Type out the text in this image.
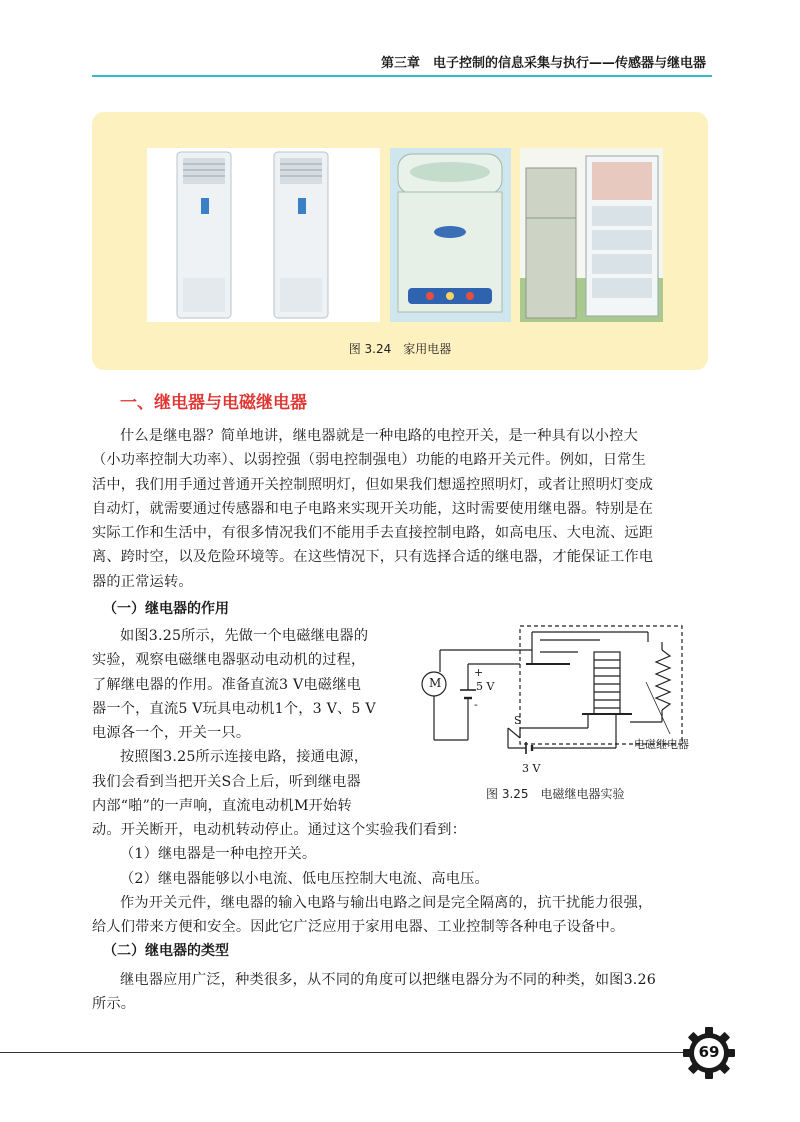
第三章　电子控制的信息采集与执行——传感器与继电器
图 3.24　家用电器
一、继电器与电磁继电器
什么是继电器？简单地讲，继电器就是一种电路的电控开关，是一种具有以小控大
（小功率控制大功率）、以弱控强（弱电控制强电）功能的电路开关元件。例如，日常生
活中，我们用手通过普通开关控制照明灯，但如果我们想遥控照明灯，或者让照明灯变成
自动灯，就需要通过传感器和电子电路来实现开关功能，这时需要使用继电器。特别是在
实际工作和生活中，有很多情况我们不能用手去直接控制电路，如高电压、大电流、远距
离、跨时空，以及危险环境等。在这些情况下，只有选择合适的继电器，才能保证工作电
器的正常运转。
（一）继电器的作用
如图3.25所示，先做一个电磁继电器的
实验，观察电磁继电器驱动电动机的过程，
了解继电器的作用。准备直流3 V电磁继电
器一个，直流5 V玩具电动机1个，3 V、5 V
电源各一个，开关一只。
按照图3.25所示连接电路，接通电源，
我们会看到当把开关S合上后，听到继电器
内部“啪”的一声响，直流电动机M开始转
M	5 V
+
-
S
3 V
电磁继电器
图 3.25　电磁继电器实验
动。开关断开，电动机转动停止。通过这个实验我们看到：
（1）继电器是一种电控开关。
（2）继电器能够以小电流、低电压控制大电流、高电压。
作为开关元件，继电器的输入电路与输出电路之间是完全隔离的，抗干扰能力很强，
给人们带来方便和安全。因此它广泛应用于家用电器、工业控制等各种电子设备中。
（二）继电器的类型
继电器应用广泛，种类很多，从不同的角度可以把继电器分为不同的种类，如图3.26
所示。
69
